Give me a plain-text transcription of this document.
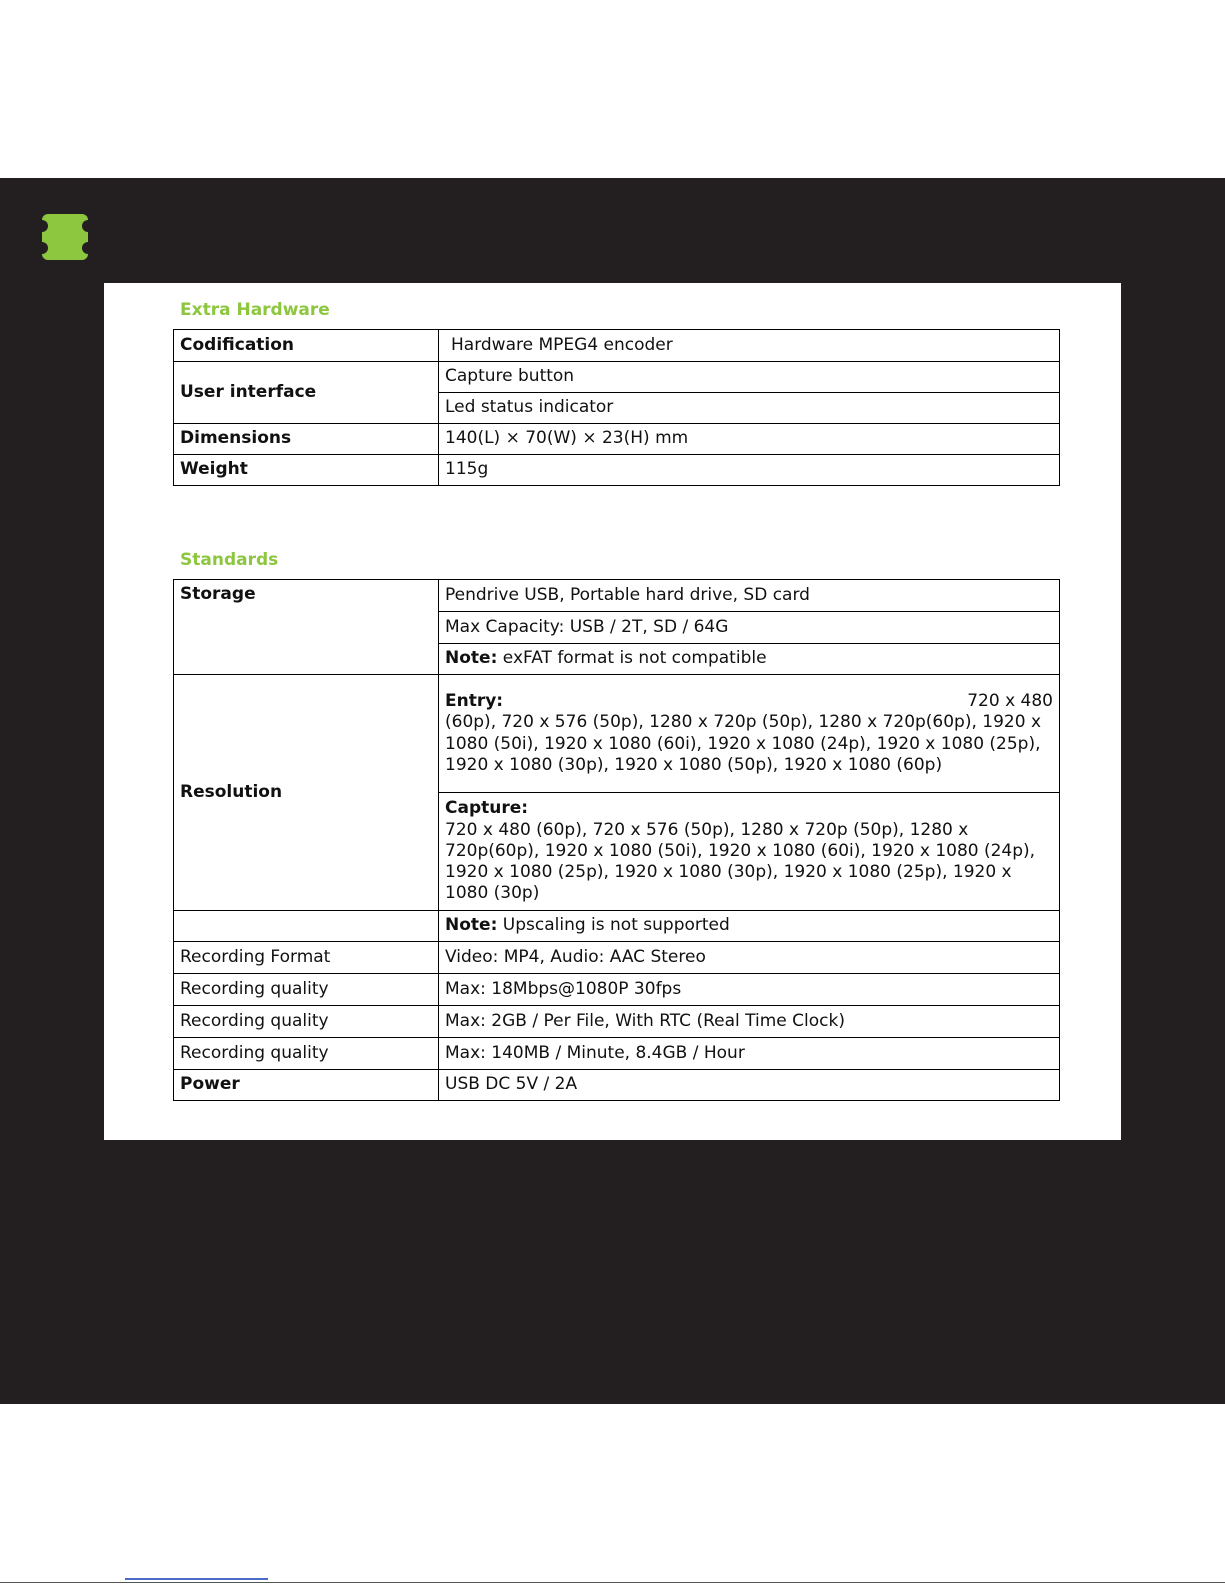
Extra Hardware
Codification	Hardware MPEG4 encoder
User interface	Capture button
	Led status indicator
Dimensions	140(L) × 70(W) × 23(H) mm
Weight	115g
Standards
Storage	Pendrive USB, Portable hard drive, SD card
	Max Capacity: USB / 2T, SD / 64G
	Note: exFAT format is not compatible
Resolution	Entry: 720 x 480
(60p), 720 x 576 (50p), 1280 x 720p (50p), 1280 x 720p(60p), 1920 x 1080 (50i), 1920 x 1080 (60i), 1920 x 1080 (24p), 1920 x 1080 (25p), 1920 x 1080 (30p), 1920 x 1080 (50p), 1920 x 1080 (60p)

	Capture:
720 x 480 (60p), 720 x 576 (50p), 1280 x 720p (50p), 1280 x 720p(60p), 1920 x 1080 (50i), 1920 x 1080 (60i), 1920 x 1080 (24p), 1920 x 1080 (25p), 1920 x 1080 (30p), 1920 x 1080 (25p), 1920 x 1080 (30p)

	Note: Upscaling is not supported
Recording Format	Video: MP4, Audio: AAC Stereo
Recording quality	Max: 18Mbps@1080P 30fps
Recording quality	Max: 2GB / Per File, With RTC (Real Time Clock)
Recording quality	Max: 140MB / Minute, 8.4GB / Hour
Power	USB DC 5V / 2A
